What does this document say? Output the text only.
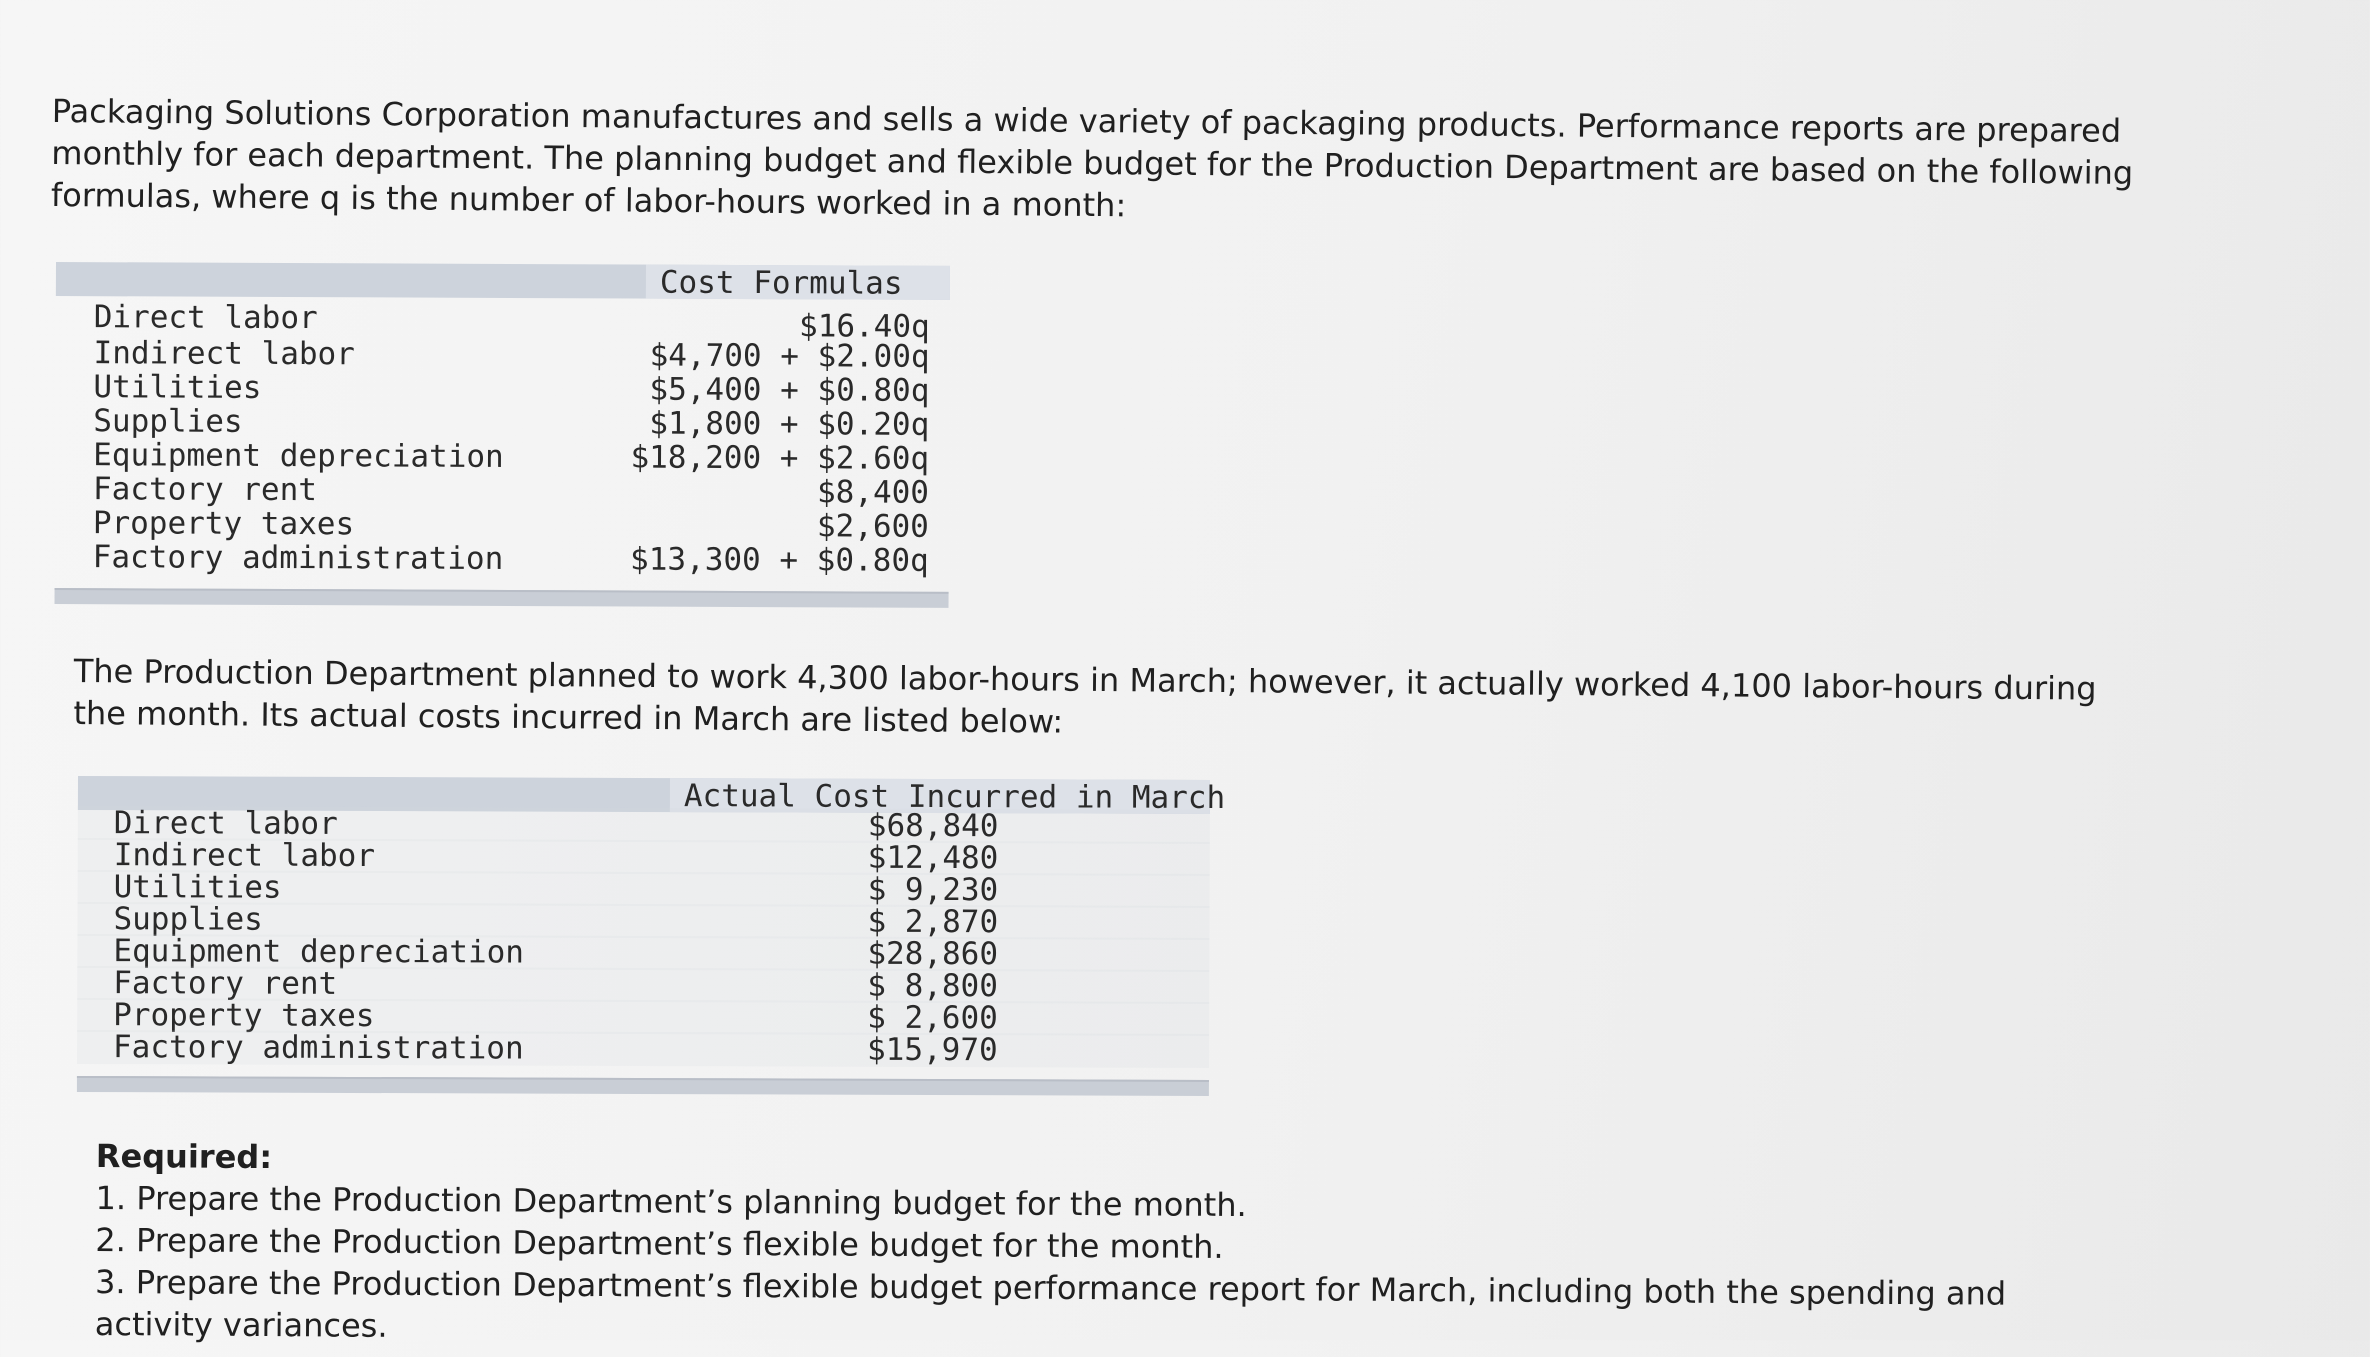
Packaging Solutions Corporation manufactures and sells a wide variety of packaging products. Performance reports are prepared monthly for each department. The planning budget and flexible budget for the Production Department are based on the following formulas, where q is the number of labor-hours worked in a month:

Cost Formulas
Direct labor	$16.40q
Indirect labor	$4,700 + $2.00q
Utilities	$5,400 + $0.80q
Supplies	$1,800 + $0.20q
Equipment depreciation	$18,200 + $2.60q
Factory rent	$8,400
Property taxes	$2,600
Factory administration	$13,300 + $0.80q

The Production Department planned to work 4,300 labor-hours in March; however, it actually worked 4,100 labor-hours during the month. Its actual costs incurred in March are listed below:

Actual Cost Incurred in March
Direct labor	$68,840
Indirect labor	$12,480
Utilities	$ 9,230
Supplies	$ 2,870
Equipment depreciation	$28,860
Factory rent	$ 8,800
Property taxes	$ 2,600
Factory administration	$15,970

Required:

1. Prepare the Production Department’s planning budget for the month.

2. Prepare the Production Department’s flexible budget for the month.

3. Prepare the Production Department’s flexible budget performance report for March, including both the spending and activity variances.
